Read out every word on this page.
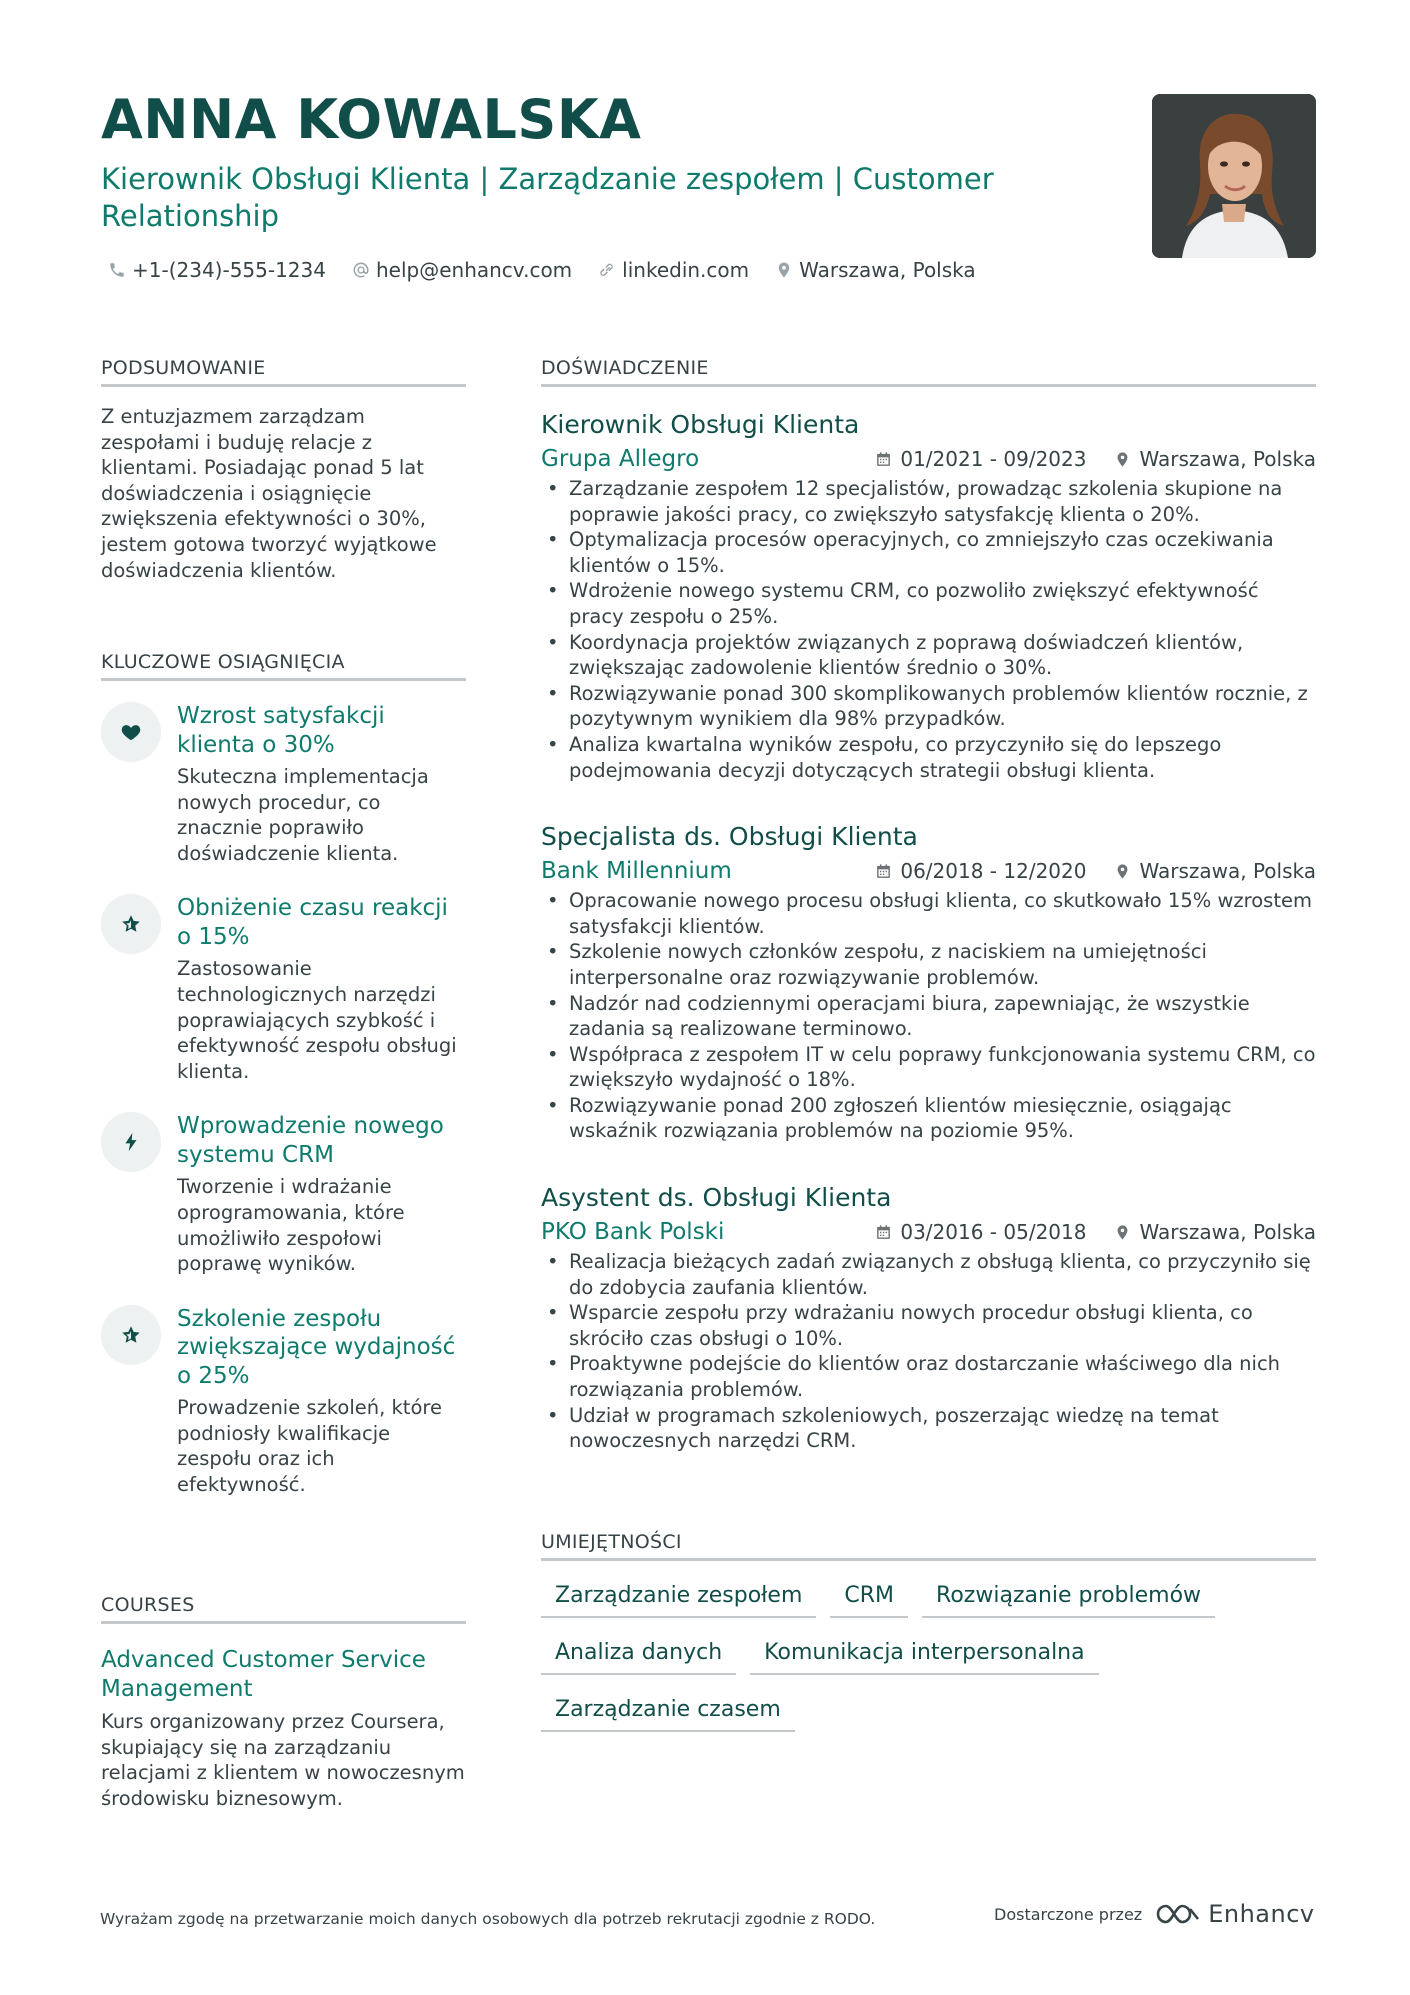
ANNA KOWALSKA
Kierownik Obsługi Klienta | Zarządzanie zespołem | Customer Relationship
+1-(234)-555-1234	help@enhancv.com	linkedin.com	Warszawa, Polska
PODSUMOWANIE
Z entuzjazmem zarządzam zespołami i buduję relacje z klientami. Posiadając ponad 5 lat doświadczenia i osiągnięcie zwiększenia efektywności o 30%, jestem gotowa tworzyć wyjątkowe doświadczenia klientów.
KLUCZOWE OSIĄGNIĘCIA
Wzrost satysfakcji klienta o 30%
Skuteczna implementacja nowych procedur, co znacznie poprawiło doświadczenie klienta.
Obniżenie czasu reakcji o 15%
Zastosowanie technologicznych narzędzi poprawiających szybkość i efektywność zespołu obsługi klienta.
Wprowadzenie nowego systemu CRM
Tworzenie i wdrażanie oprogramowania, które umożliwiło zespołowi poprawę wyników.
Szkolenie zespołu zwiększające wydajność o 25%
Prowadzenie szkoleń, które podniosły kwalifikacje zespołu oraz ich efektywność.
COURSES
Advanced Customer Service Management
Kurs organizowany przez Coursera, skupiający się na zarządzaniu relacjami z klientem w nowoczesnym środowisku biznesowym.
DOŚWIADCZENIE
Kierownik Obsługi Klienta
Grupa Allegro	01/2021 - 09/2023	Warszawa, Polska
• Zarządzanie zespołem 12 specjalistów, prowadząc szkolenia skupione na poprawie jakości pracy, co zwiększyło satysfakcję klienta o 20%.
• Optymalizacja procesów operacyjnych, co zmniejszyło czas oczekiwania klientów o 15%.
• Wdrożenie nowego systemu CRM, co pozwoliło zwiększyć efektywność pracy zespołu o 25%.
• Koordynacja projektów związanych z poprawą doświadczeń klientów, zwiększając zadowolenie klientów średnio o 30%.
• Rozwiązywanie ponad 300 skomplikowanych problemów klientów rocznie, z pozytywnym wynikiem dla 98% przypadków.
• Analiza kwartalna wyników zespołu, co przyczyniło się do lepszego podejmowania decyzji dotyczących strategii obsługi klienta.
Specjalista ds. Obsługi Klienta
Bank Millennium	06/2018 - 12/2020	Warszawa, Polska
• Opracowanie nowego procesu obsługi klienta, co skutkowało 15% wzrostem satysfakcji klientów.
• Szkolenie nowych członków zespołu, z naciskiem na umiejętności interpersonalne oraz rozwiązywanie problemów.
• Nadzór nad codziennymi operacjami biura, zapewniając, że wszystkie zadania są realizowane terminowo.
• Współpraca z zespołem IT w celu poprawy funkcjonowania systemu CRM, co zwiększyło wydajność o 18%.
• Rozwiązywanie ponad 200 zgłoszeń klientów miesięcznie, osiągając wskaźnik rozwiązania problemów na poziomie 95%.
Asystent ds. Obsługi Klienta
PKO Bank Polski	03/2016 - 05/2018	Warszawa, Polska
• Realizacja bieżących zadań związanych z obsługą klienta, co przyczyniło się do zdobycia zaufania klientów.
• Wsparcie zespołu przy wdrażaniu nowych procedur obsługi klienta, co skróciło czas obsługi o 10%.
• Proaktywne podejście do klientów oraz dostarczanie właściwego dla nich rozwiązania problemów.
• Udział w programach szkoleniowych, poszerzając wiedzę na temat nowoczesnych narzędzi CRM.
UMIEJĘTNOŚCI
Zarządzanie zespołem	CRM	Rozwiązanie problemów
Analiza danych	Komunikacja interpersonalna
Zarządzanie czasem
Wyrażam zgodę na przetwarzanie moich danych osobowych dla potrzeb rekrutacji zgodnie z RODO.	Dostarczone przez	Enhancv
